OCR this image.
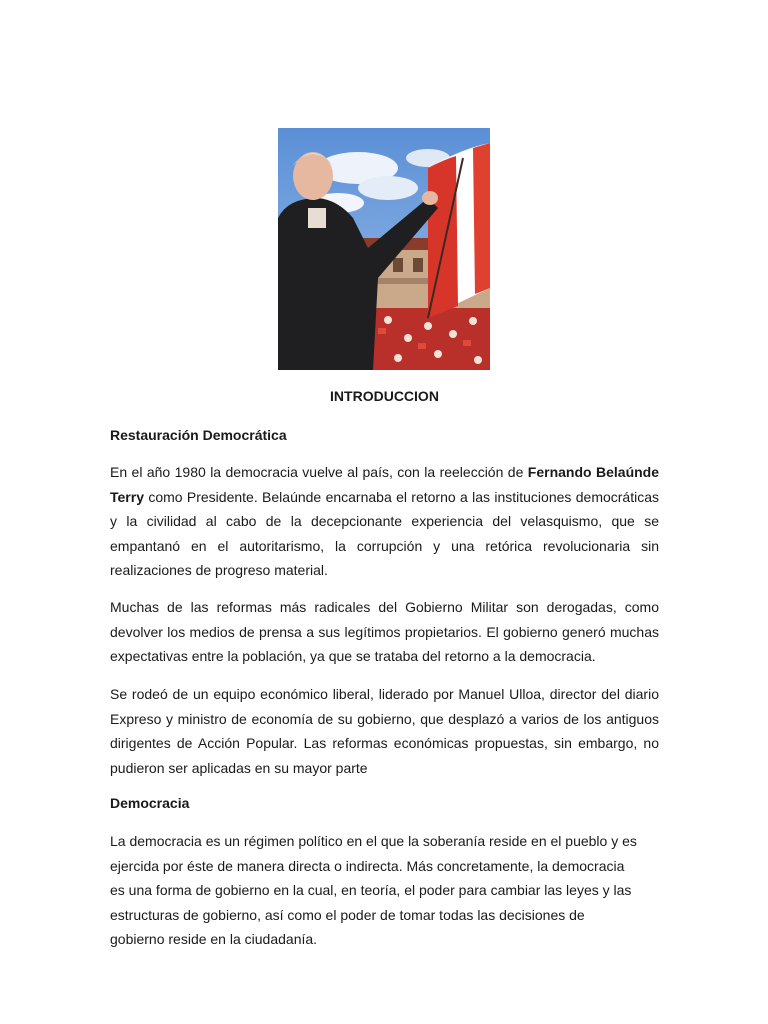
INTRODUCCION
Restauración Democrática

En el año 1980 la democracia vuelve al país, con la reelección de Fernando Belaúnde Terry como Presidente. Belaúnde encarnaba el retorno a las instituciones democráticas y la civilidad al cabo de la decepcionante experiencia del velasquismo, que se empantanó en el autoritarismo, la corrupción y una retórica revolucionaria sin realizaciones de progreso material.

Muchas de las reformas más radicales del Gobierno Militar son derogadas, como devolver los medios de prensa a sus legítimos propietarios. El gobierno generó muchas expectativas entre la población, ya que se trataba del retorno a la democracia.

Se rodeó de un equipo económico liberal, liderado por Manuel Ulloa, director del diario Expreso y ministro de economía de su gobierno, que desplazó a varios de los antiguos dirigentes de Acción Popular. Las reformas económicas propuestas, sin embargo, no pudieron ser aplicadas en su mayor parte

Democracia

La democracia es un régimen político en el que la soberanía reside en el pueblo y es ejercida por éste de manera directa o indirecta. Más concretamente, la democracia es una forma de gobierno en la cual, en teoría, el poder para cambiar las leyes y las estructuras de gobierno, así como el poder de tomar todas las decisiones de gobierno reside en la ciudadanía.
